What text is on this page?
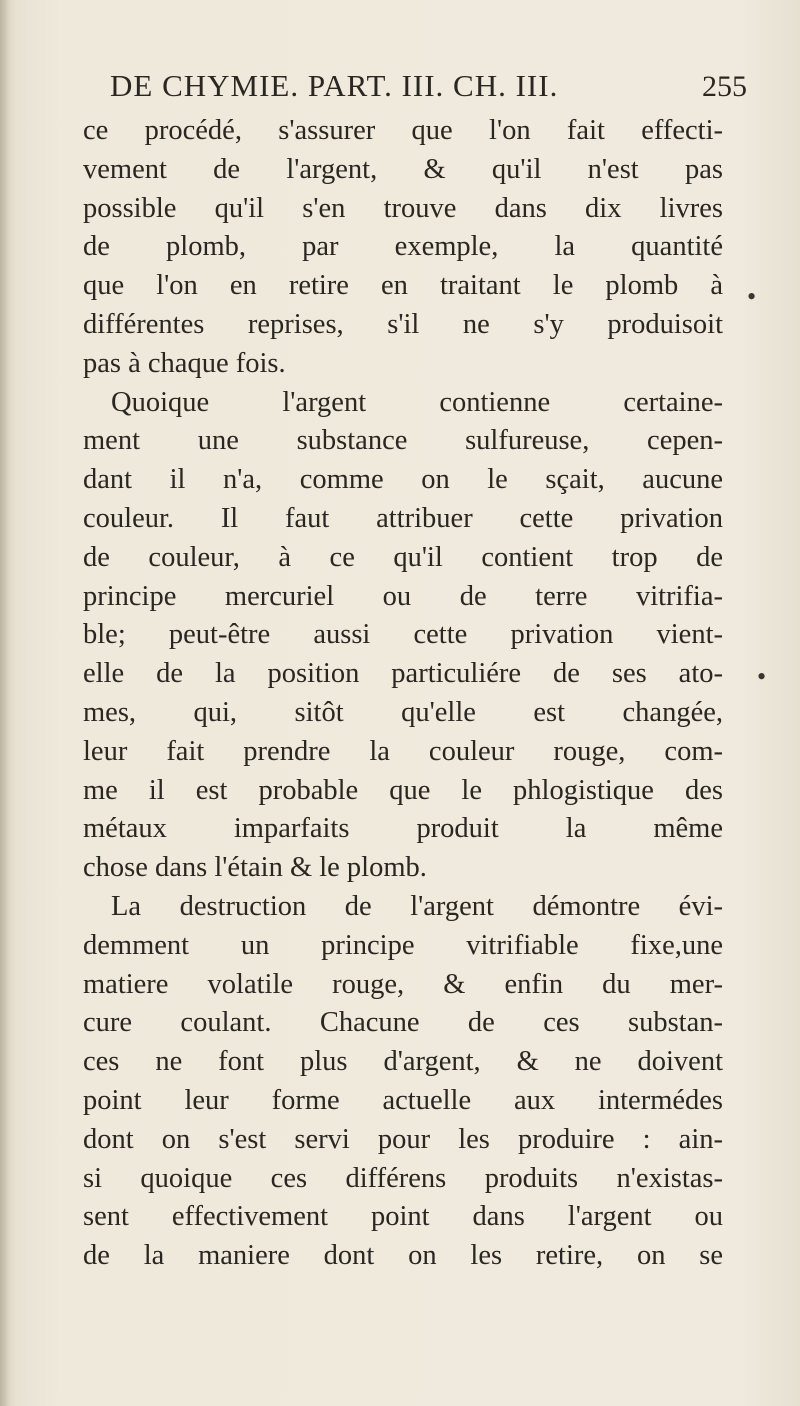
DE CHYMIE. PART. III. CH. III.	255
ce procédé, s'assurer que l'on fait effecti-
vement de l'argent, & qu'il n'est pas
possible qu'il s'en trouve dans dix livres
de plomb, par exemple, la quantité
que l'on en retire en traitant le plomb à
différentes reprises, s'il ne s'y produisoit
pas à chaque fois.
Quoique l'argent contienne certaine-
ment une substance sulfureuse, cepen-
dant il n'a, comme on le sçait, aucune
couleur. Il faut attribuer cette privation
de couleur, à ce qu'il contient trop de
principe mercuriel ou de terre vitrifia-
ble; peut-être aussi cette privation vient-
elle de la position particuliére de ses ato-
mes, qui, sitôt qu'elle est changée,
leur fait prendre la couleur rouge, com-
me il est probable que le phlogistique des
métaux imparfaits produit la même
chose dans l'étain & le plomb.
La destruction de l'argent démontre évi-
demment un principe vitrifiable fixe,une
matiere volatile rouge, & enfin du mer-
cure coulant. Chacune de ces substan-
ces ne font plus d'argent, & ne doivent
point leur forme actuelle aux intermédes
dont on s'est servi pour les produire : ain-
si quoique ces différens produits n'existas-
sent effectivement point dans l'argent ou
de la maniere dont on les retire, on se
•
•
